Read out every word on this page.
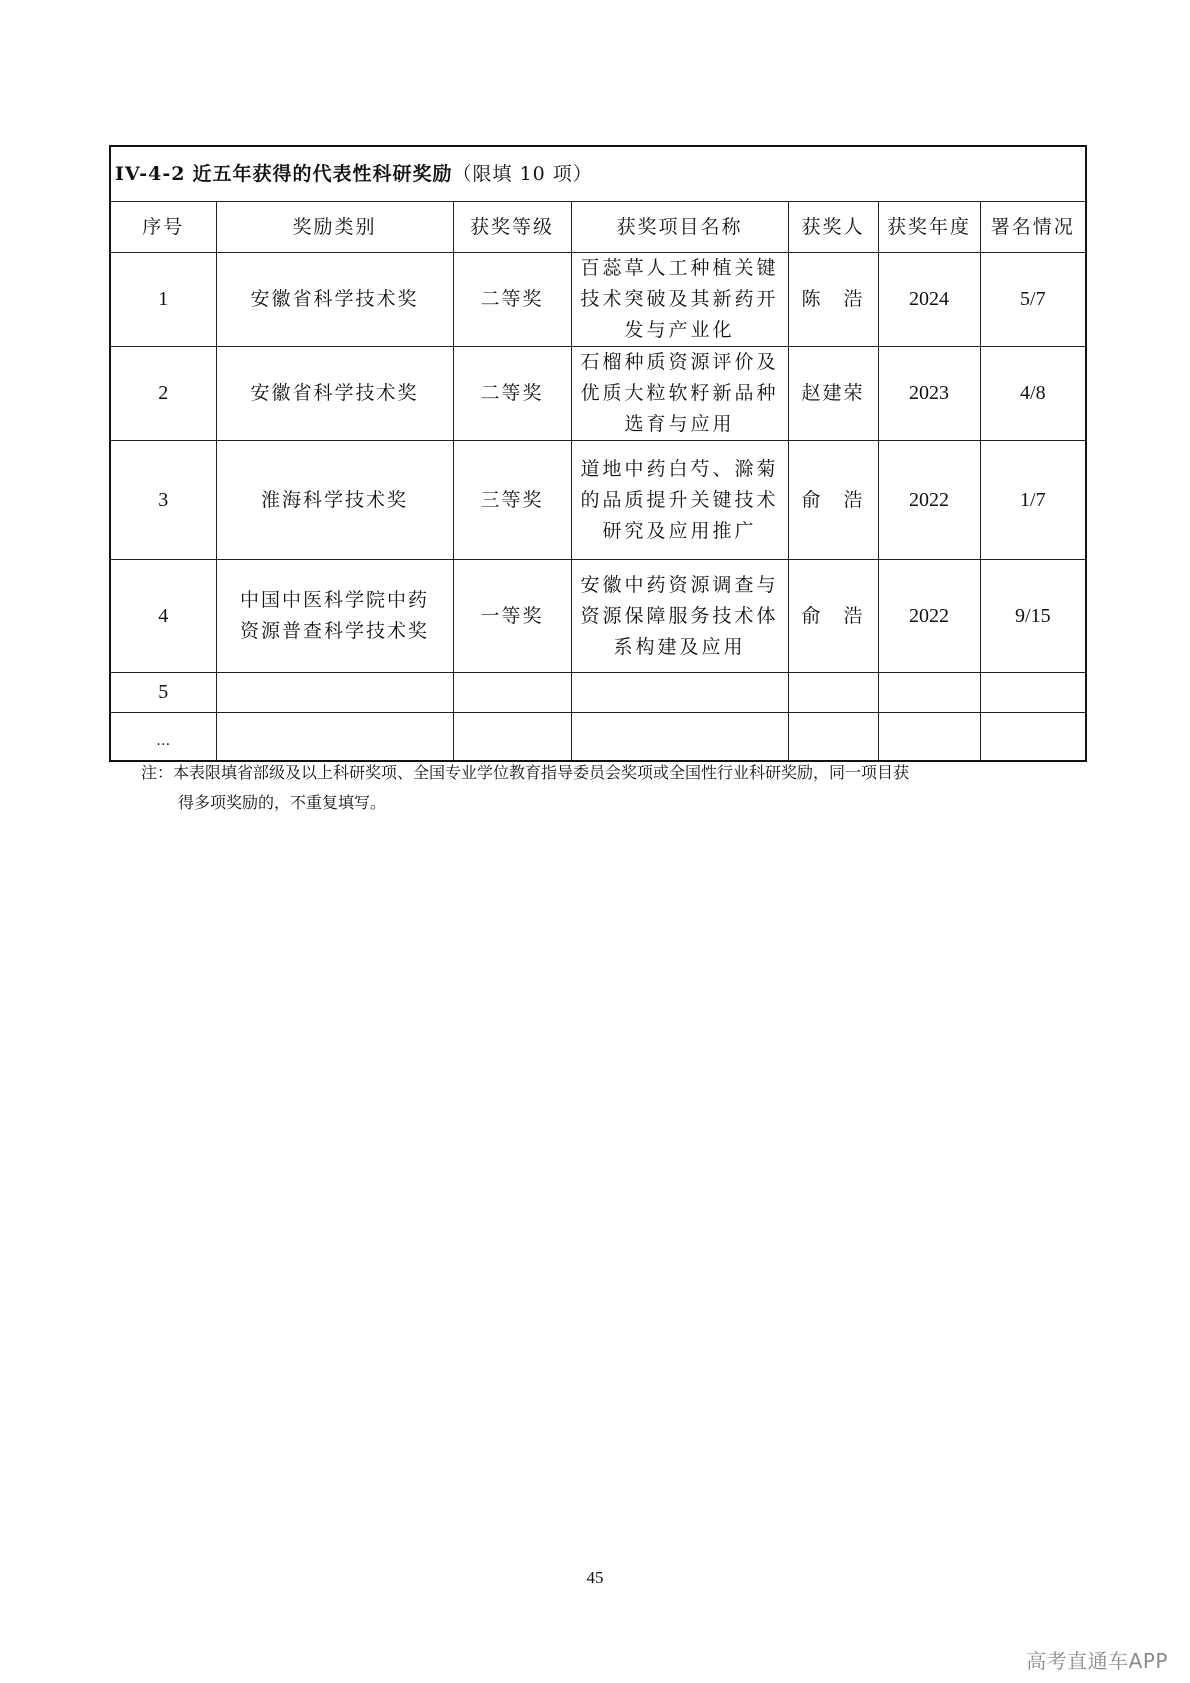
IV-4-2 近五年获得的代表性科研奖励（限填 10 项）						
序号	奖励类别	获奖等级	获奖项目名称	获奖人	获奖年度	署名情况
1	安徽省科学技术奖	二等奖	百蕊草人工种植关键技术突破及其新药开发与产业化	陈　浩	2024	5/7
2	安徽省科学技术奖	二等奖	石榴种质资源评价及优质大粒软籽新品种选育与应用	赵建荣	2023	4/8
3	淮海科学技术奖	三等奖	道地中药白芍、滁菊的品质提升关键技术研究及应用推广	俞　浩	2022	1/7
4	中国中医科学院中药资源普查科学技术奖	一等奖	安徽中药资源调查与资源保障服务技术体系构建及应用	俞　浩	2022	9/15
5						
…						
注：本表限填省部级及以上科研奖项、全国专业学位教育指导委员会奖项或全国性行业科研奖励，同一项目获
得多项奖励的，不重复填写。
45
高考直通车APP
